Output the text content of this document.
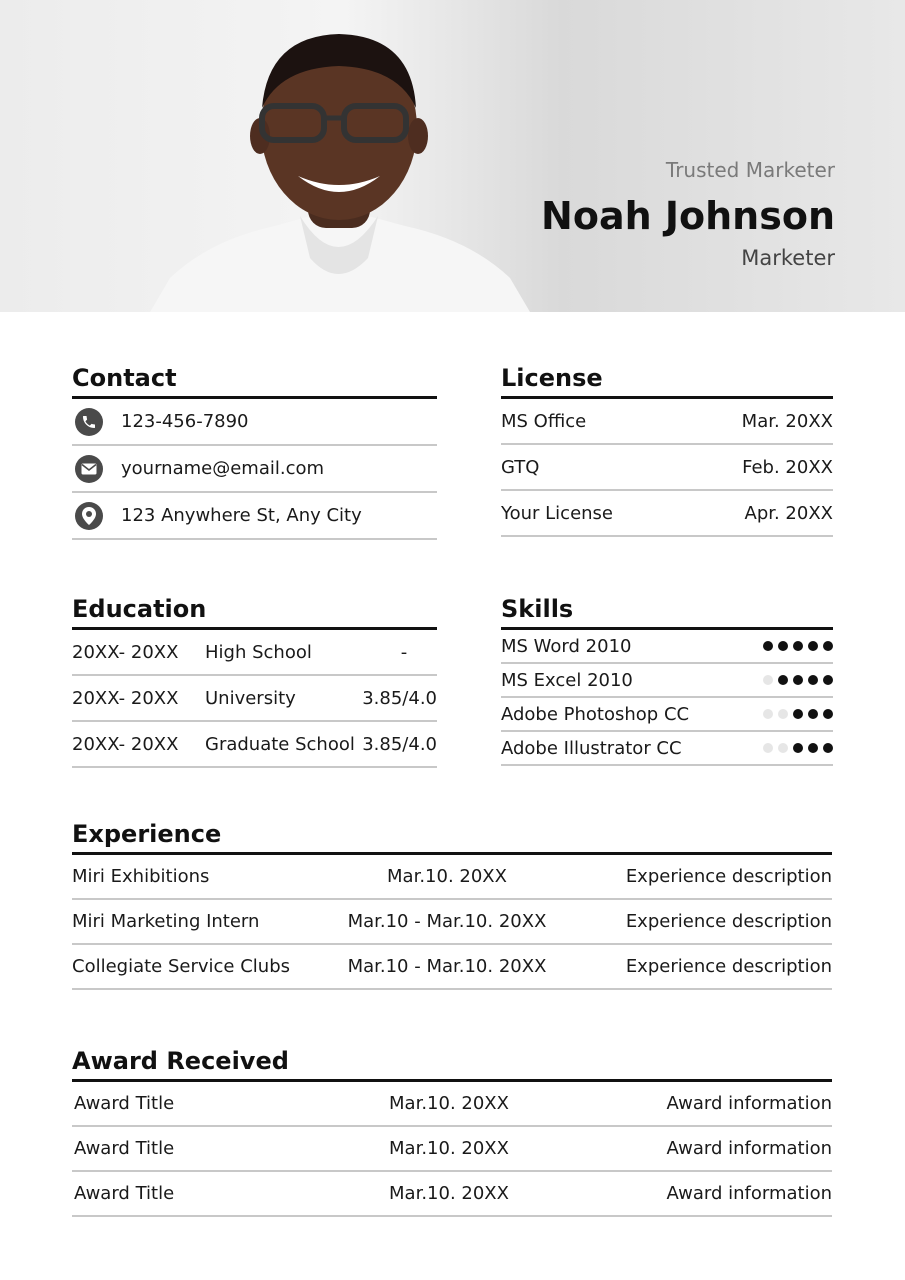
Trusted Marketer
Noah Johnson
Marketer
Contact
123-456-7890
yourname@email.com
123 Anywhere St, Any City
License
MS Office	Mar. 20XX
GTQ	Feb. 20XX
Your License	Apr. 20XX
Education
20XX- 20XX	High School	-
20XX- 20XX	University	3.85/4.0
20XX- 20XX	Graduate School 3.85/4.0
Skills
MS Word 2010
MS Excel 2010
Adobe Photoshop CC
Adobe Illustrator CC
Experience
Miri Exhibitions	Mar.10. 20XX	Experience description
Miri Marketing Intern	Mar.10 - Mar.10. 20XX	Experience description
Collegiate Service Clubs	Mar.10 - Mar.10. 20XX	Experience description
Award Received
Award Title	Mar.10. 20XX	Award information
Award Title	Mar.10. 20XX	Award information
Award Title	Mar.10. 20XX	Award information
